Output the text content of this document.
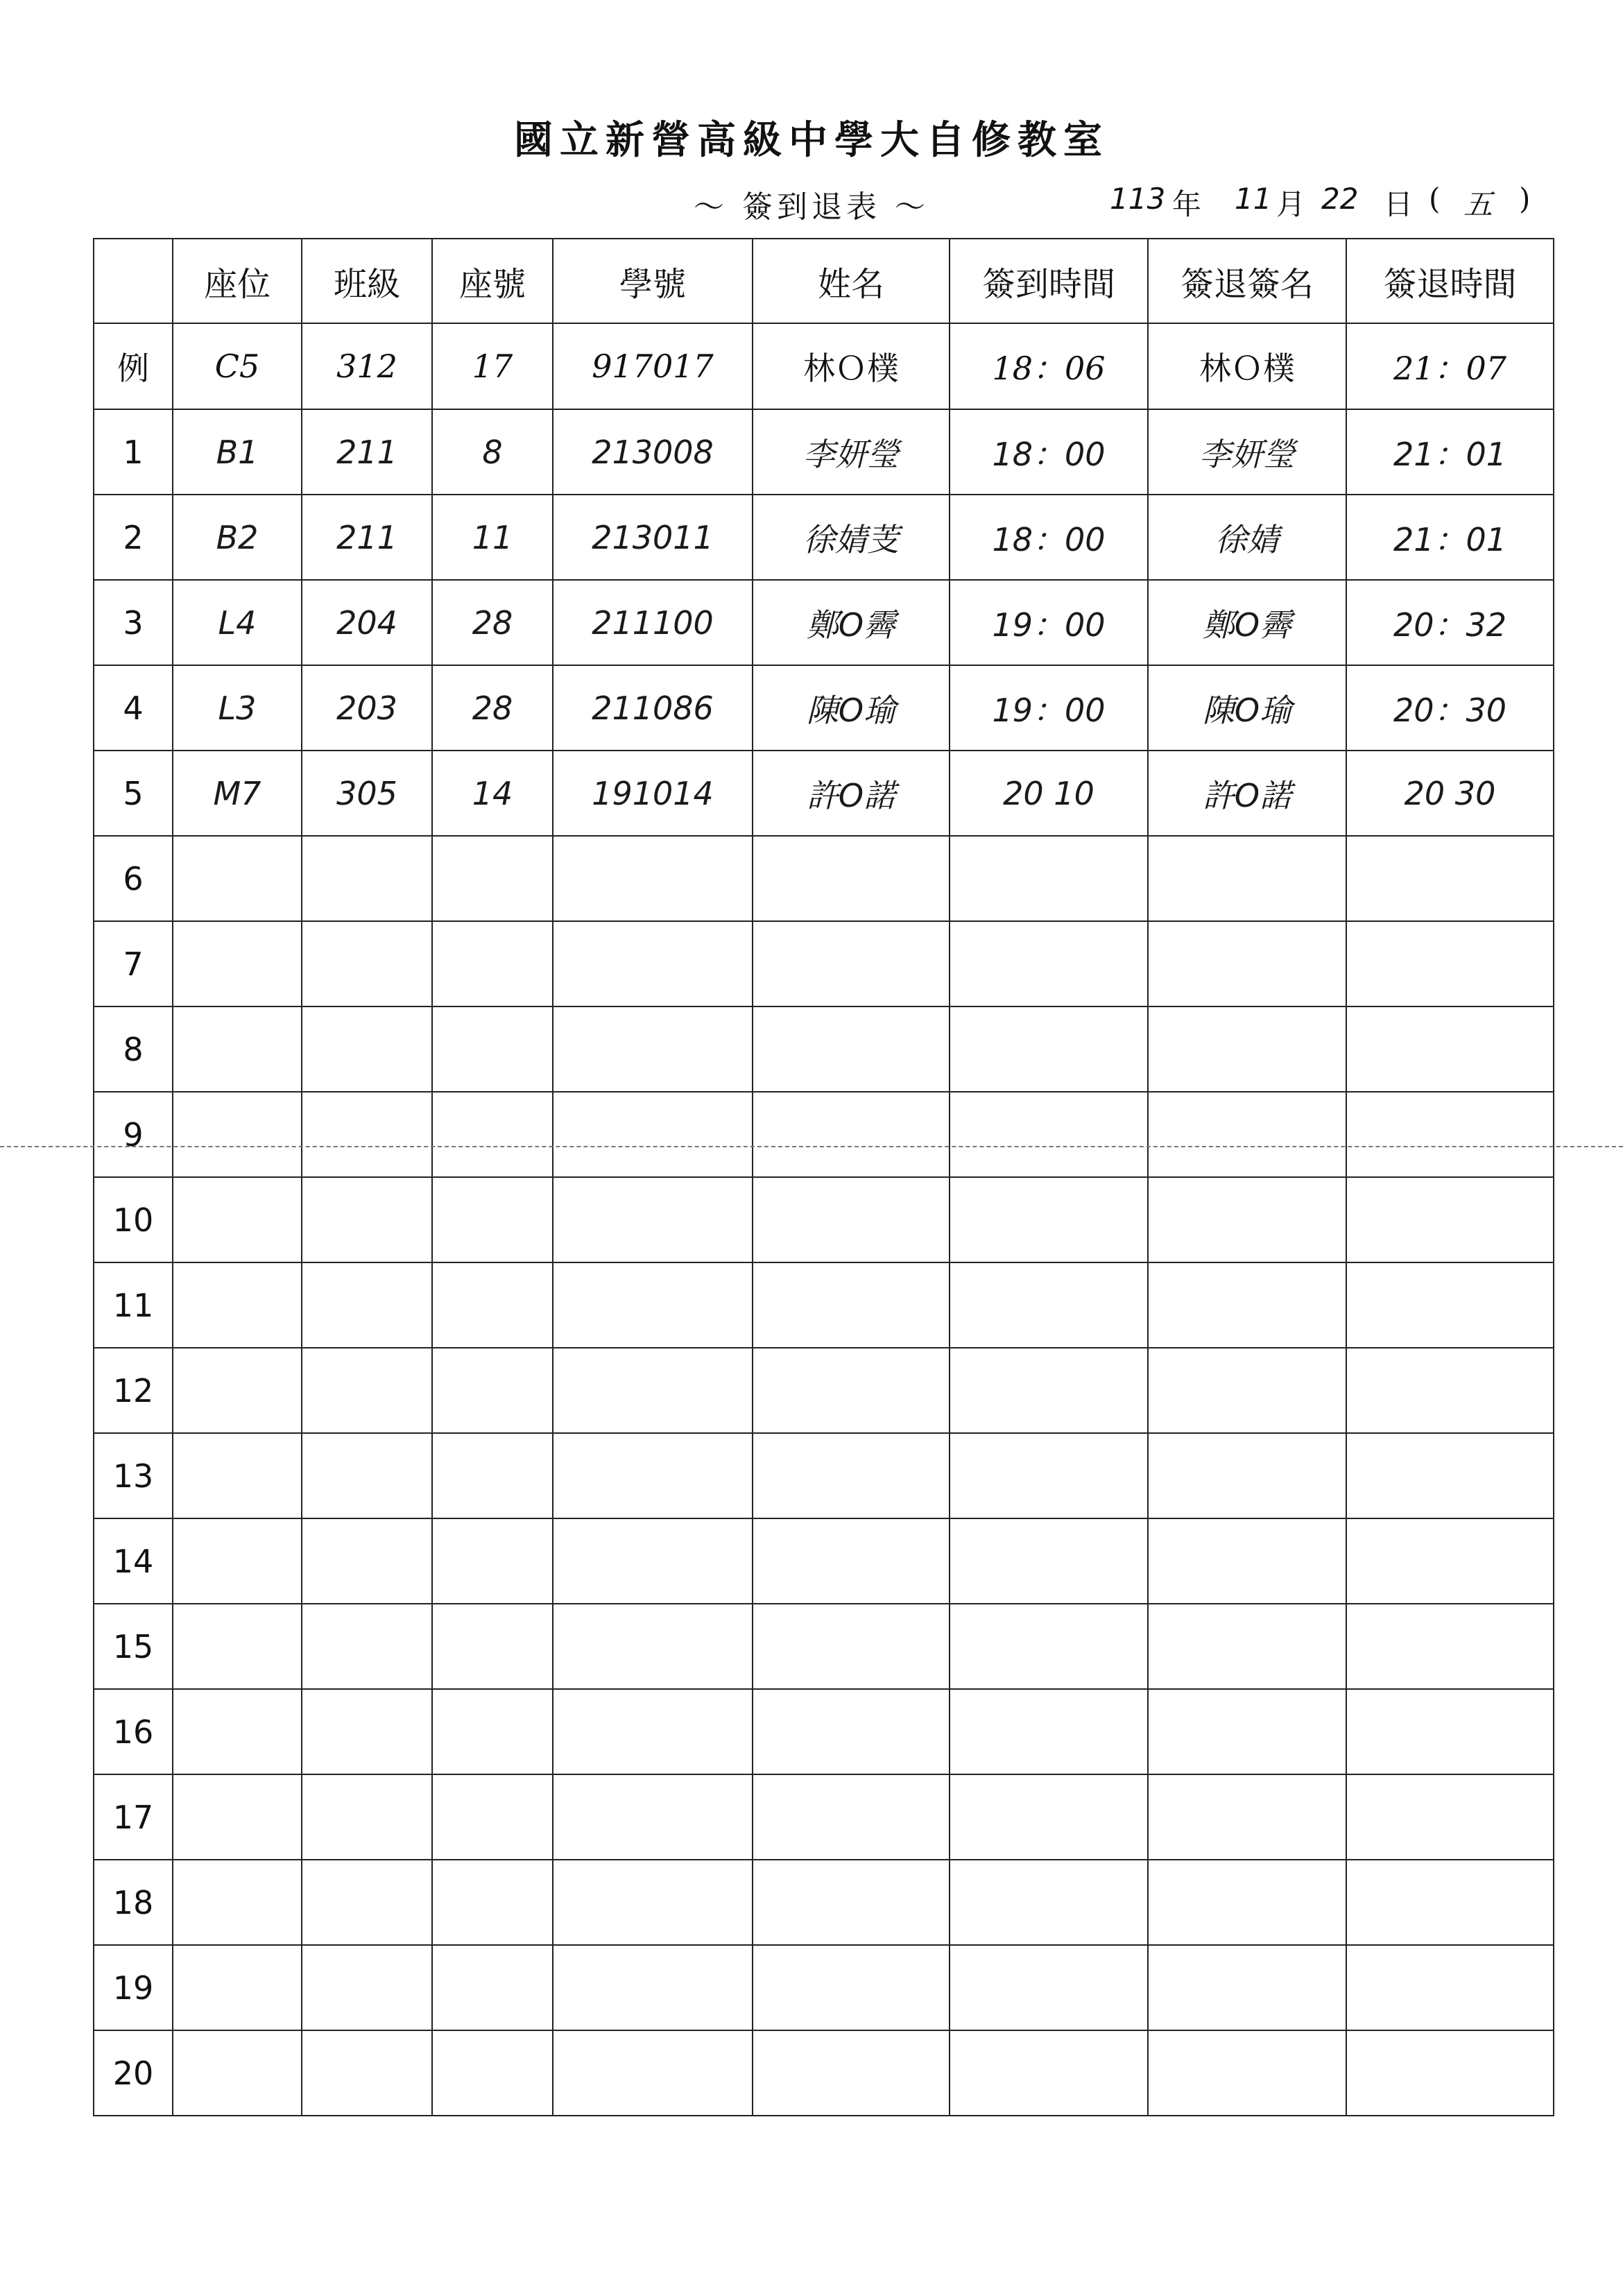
國立新營高級中學大自修教室
～ 簽到退表 ～	113 年 11 月 22 日 ( 五 )
	座位	班級	座號	學號	姓名	簽到時間	簽退簽名	簽退時間
例	C5	312	17	917017	林Ｏ樸	18：06	林Ｏ樸	21：07
1	B1	211	8	213008	李妍瑩	18：00	李妍瑩	21：01
2	B2	211	11	213011	徐婧芰	18：00	徐婧	21：01
3	L4	204	28	211100	鄭O霽	19：00	鄭O霽	20：32
4	L3	203	28	211086	陳O瑜	19：00	陳O瑜	20：30
5	M7	305	14	191014	許O諾	20 10	許O諾	20 30
6								
7								
8								
9								
10								
11								
12								
13								
14								
15								
16								
17								
18								
19								
20								
